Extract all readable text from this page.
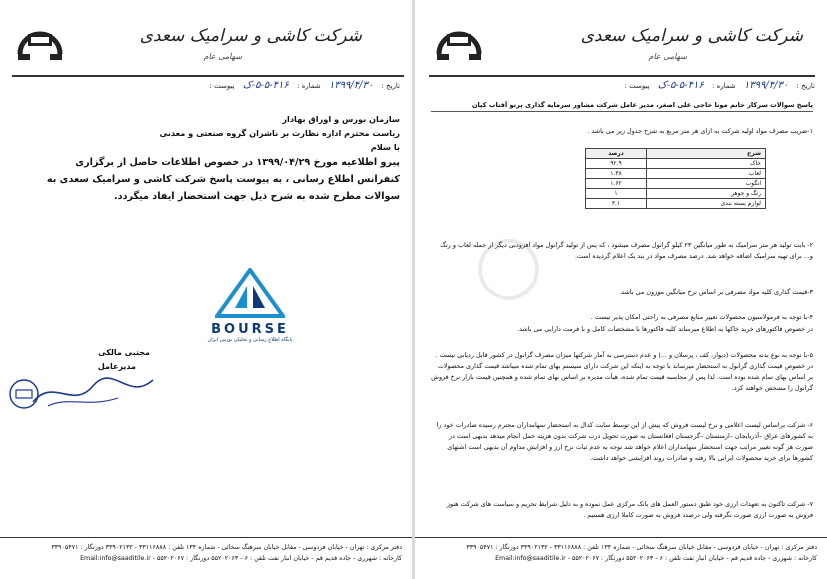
شرکت کاشی و سرامیک سعدی
سهامی عام
تاریخ : ۱۳۹۹/۴/۳۰ شماره : ۴۱۶-۵-۵-ک پیوست :
سازمان بورس و اوراق بهادار
ریاست محترم اداره نظارت بر ناشران گروه صنعتی و معدنی
با سلام
پیرو اطلاعیه مورخ ۱۳۹۹/۰۴/۲۹ در خصوص اطلاعات حاصل از برگزاری
کنفرانس اطلاع رسانی ، به پیوست پاسخ شرکت کاشی و سرامیک سعدی به
سوالات مطرح شده به شرح ذیل جهت استحضار ایفاد میگردد.
BOURSE
پایگاه اطلاع رسانی و تحلیلی بورس ایران
مجتبی مالکی
مدیرعامل
دفتر مرکزی : تهران - خیابان فردوسی - مقابل خیابان سرهنگ سخائی - شماره ۱۳۴ تلفن : ۳۳۱۱۶۸۸۸ - ۳۳۹۰۲۱۳۲ دورنگار : ۳۳۹۰۵۴۷۱
کارخانه : شهرری - جاده قدیم قم - خیابان انبار نفت تلفن : ۶ - ۵۵۲۰۲۰۶۳ دورنگار : ۵۵۲۰۲۰۶۷ - Email:info@saaditile.ir
شرکت کاشی و سرامیک سعدی
سهامی عام
تاریخ : ۱۳۹۹/۴/۳۰ شماره : ۴۱۶-۵-۵-ک پیوست :
◯
پاسخ سوالات سرکار خانم مونا حاجی علی اصغر، مدیر عامل شرکت مشاور سرمایه گذاری پرتو آفتاب کیان
۱-ضریب مصرف مواد اولیه شرکت به ازای هر متر مربع به شرح جدول زیر می باشد .
شرح	درصد
خاک	۹۲.۹
لعاب	۱.۳۸
انگوب	۱.۶۲
رنگ و جوهر	۱
لوازم بسته بندی	۳.۱
۲- بابت تولید هر متر سرامیک به طور میانگین ۲۳ کیلو گرانول مصرف میشود ، که پس از تولید گرانول مواد افزودنی دیگر از جمله لعاب و رنگ و... برای تهیه سرامیک اضافه خواهد شد. درصد مصرف مواد در بند یک اعلام گردیده است.
۳-قیمت گذاری کلیه مواد مصرفی بر اساس نرخ میانگین موزون می باشد.
۴-با توجه به فرمولاسیون محصولات تغییر منابع مصرفی به راحتی امکان پذیر نیست .
در خصوص فاکتورهای خرید خاکها به اطلاع میرساند کلیه فاکتورها با مشخصات کامل و با فرمت دارایی می باشد.
۵-با توجه به نوع بدنه محصولات (دیوار، کف ، پرسلان و ...) و عدم دسترسی به آمار شرکتها میزان مصرف گرانول در کشور قابل ردیابی نیست . در خصوص قیمت گذاری گرانول به استحضار میرساند با توجه به اینکه این شرکت دارای سیستم بهای تمام شده میباشد قیمت گذاری محصولات بر اساس بهای تمام شده بوده است. لذا پس از محاسبه قیمت تمام شده، هیأت مدیره بر اساس بهای تمام شده و همچنین قیمت بازار نرخ فروش گرانول را مشخص خواهند کرد.
۶- شرکت براساس لیست اعلامی و نرخ لیست فروش که پیش از این توسط سایت کدال به استحضار سهامداران محترم رسیده صادرات خود را به کشورهای عراق –آذربایجان –ارمنستان –گرجستان افغانستان به صورت تحویل درب شرکت بدون هزینه حمل انجام میدهد بدیهی است در صورت هر گونه تغییر مراتب جهت استحضار سهامداران اعلام خواهد شد توجه به عدم ثبات نرخ ارز و افزایش مداوم آن بدیهی است اشتهای کشورها برای خرید محصولات ایرانی بالا رفته و صادرات روند افزایشی خواهد داشت.
۷- شرکت تاکنون به تعهدات ارزی خود طبق دستور العمل های بانک مرکزی عمل نموده و به دلیل شرایط تحریم و سیاست های شرکت هنوز فروش به صورت ارزی صورت نگرفته ولی درصدد فروش به صورت کاملا ارزی هستیم .
دفتر مرکزی : تهران - خیابان فردوسی - مقابل خیابان سرهنگ سخائی - شماره ۱۳۴ تلفن : ۳۳۱۱۶۸۸۸ - ۳۳۹۰۲۱۳۲ دورنگار : ۳۳۹۰۵۴۷۱
کارخانه : شهرری - جاده قدیم قم - خیابان انبار نفت تلفن : ۶ - ۵۵۲۰۲۰۶۳ دورنگار : ۵۵۲۰۲۰۶۷ - Email:info@saaditile.ir
